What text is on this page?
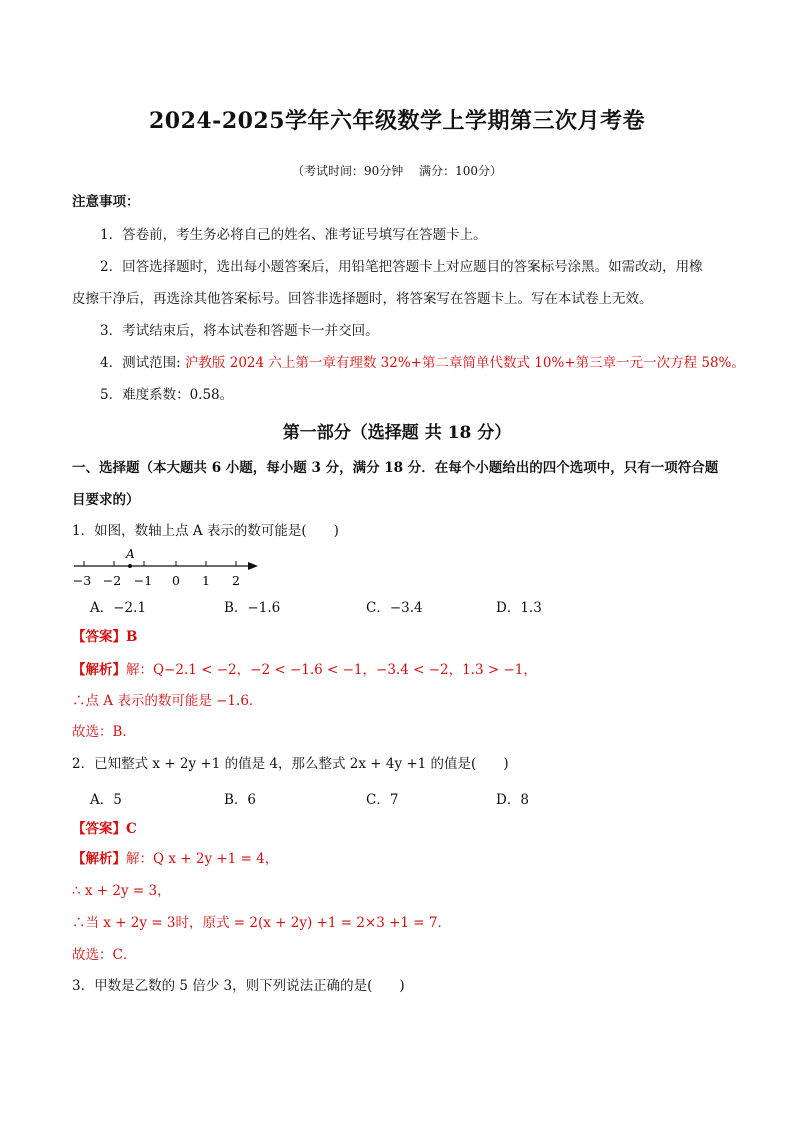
2024-2025学年六年级数学上学期第三次月考卷
（考试时间：90分钟　 满分：100分）
注意事项：
1．答卷前，考生务必将自己的姓名、准考证号填写在答题卡上。
2．回答选择题时，选出每小题答案后，用铅笔把答题卡上对应题目的答案标号涂黑。如需改动，用橡
皮擦干净后，再选涂其他答案标号。回答非选择题时，将答案写在答题卡上。写在本试卷上无效。
3．考试结束后，将本试卷和答题卡一并交回。
4．测试范围: 沪教版 2024 六上第一章有理数 32%+第二章简单代数式 10%+第三章一元一次方程 58%。
5．难度系数：0.58。
第一部分（选择题 共 18 分）
一、选择题（本大题共 6 小题，每小题 3 分，满分 18 分．在每个小题给出的四个选项中，只有一项符合题
目要求的）
1．如图，数轴上点 A 表示的数可能是(　　)
A
−3 −2 −1 0 1 2
A．−2.1	B．−1.6	C．−3.4	D．1.3
【答案】B
【解析】解：Q−2.1 < −2，−2 < −1.6 < −1，−3.4 < −2，1.3 > −1，
∴点 A 表示的数可能是 −1.6．
故选：B．
2．已知整式 x + 2y +1 的值是 4，那么整式 2x + 4y +1 的值是(　　)
A．5	B．6	C．7	D．8
【答案】C
【解析】解：Q x + 2y +1 = 4，
∴ x + 2y = 3，
∴当 x + 2y = 3时，原式 = 2(x + 2y) +1 = 2×3 +1 = 7．
故选：C．
3．甲数是乙数的 5 倍少 3，则下列说法正确的是(　　)
